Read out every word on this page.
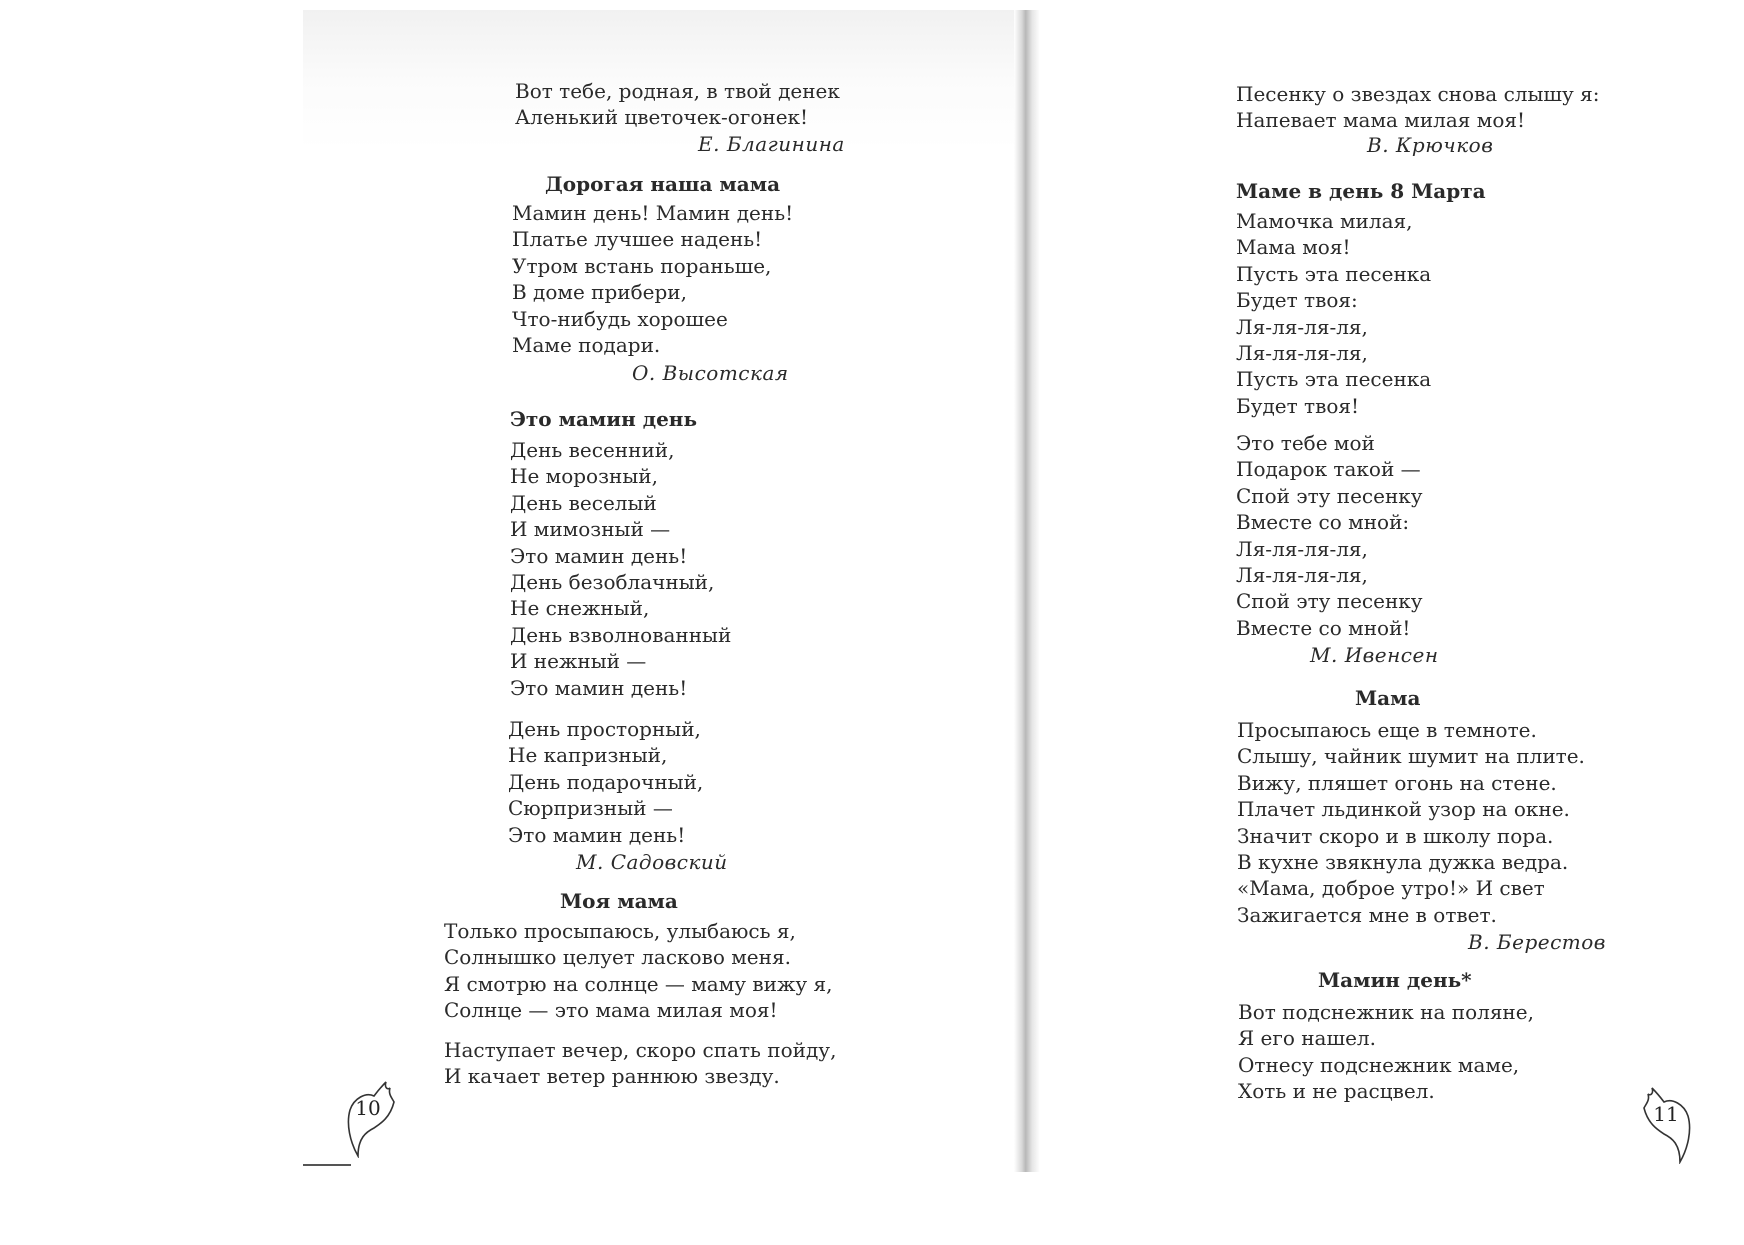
Вот тебе, родная, в твой денек
Аленький цветочек-огонек!
Е. Благинина
Дорогая наша мама
Мамин день! Мамин день!
Платье лучшее надень!
Утром встань пораньше,
В доме прибери,
Что-нибудь хорошее
Маме подари.
О. Высотская
Это мамин день
День весенний,
Не морозный,
День веселый
И мимозный —
Это мамин день!
День безоблачный,
Не снежный,
День взволнованный
И нежный —
Это мамин день!
День просторный,
Не капризный,
День подарочный,
Сюрпризный —
Это мамин день!
М. Садовский
Моя мама
Только просыпаюсь, улыбаюсь я,
Солнышко целует ласково меня.
Я смотрю на солнце — маму вижу я,
Солнце — это мама милая моя!
Наступает вечер, скоро спать пойду,
И качает ветер раннюю звезду.
10
Песенку о звездах снова слышу я:
Напевает мама милая моя!
В. Крючков
Маме в день 8 Марта
Мамочка милая,
Мама моя!
Пусть эта песенка
Будет твоя:
Ля-ля-ля-ля,
Ля-ля-ля-ля,
Пусть эта песенка
Будет твоя!
Это тебе мой
Подарок такой —
Спой эту песенку
Вместе со мной:
Ля-ля-ля-ля,
Ля-ля-ля-ля,
Спой эту песенку
Вместе со мной!
М. Ивенсен
Мама
Просыпаюсь еще в темноте.
Слышу, чайник шумит на плите.
Вижу, пляшет огонь на стене.
Плачет льдинкой узор на окне.
Значит скоро и в школу пора.
В кухне звякнула дужка ведра.
«Мама, доброе утро!» И свет
Зажигается мне в ответ.
В. Берестов
Мамин день*
Вот подснежник на поляне,
Я его нашел.
Отнесу подснежник маме,
Хоть и не расцвел.
11
